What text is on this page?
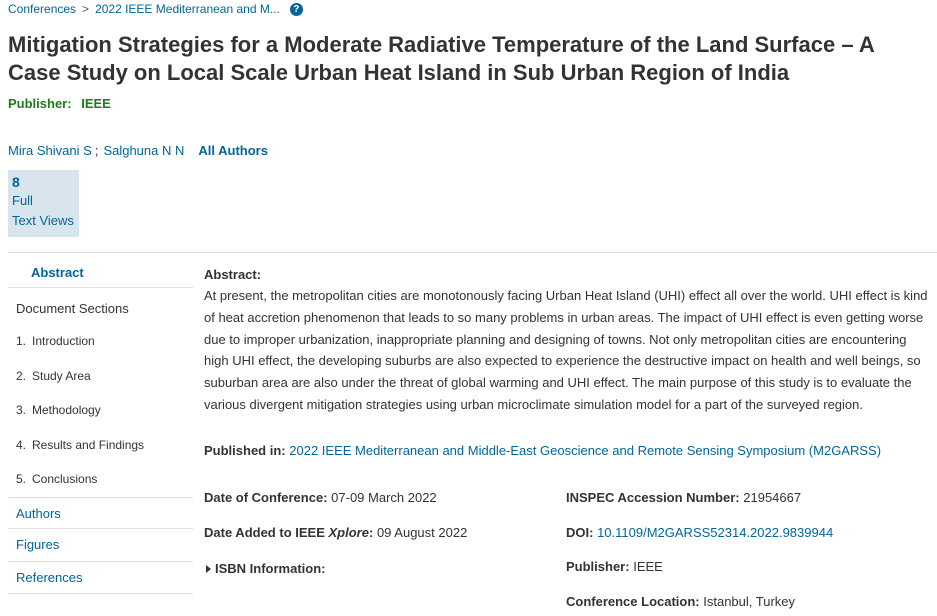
Conferences > 2022 IEEE Mediterranean and M...	?
Mitigation Strategies for a Moderate Radiative Temperature of the Land Surface – A Case Study on Local Scale Urban Heat Island in Sub Urban Region of India
Publisher: IEEE
Mira Shivani S ; Salghuna N N All Authors
8
Full
Text Views
Abstract
Document Sections
1. Introduction
2. Study Area
3. Methodology
4. Results and Findings
5. Conclusions
Authors
Figures
References
Abstract:

At present, the metropolitan cities are monotonously facing Urban Heat Island (UHI) effect all over the world. UHI effect is kind of heat accretion phenomenon that leads to so many problems in urban areas. The impact of UHI effect is even getting worse due to improper urbanization, inappropriate planning and designing of towns. Not only metropolitan cities are encountering high UHI effect, the developing suburbs are also expected to experience the destructive impact on health and well beings, so suburban area are also under the threat of global warming and UHI effect. The main purpose of this study is to evaluate the various divergent mitigation strategies using urban microclimate simulation model for a part of the surveyed region.

Published in: 2022 IEEE Mediterranean and Middle-East Geoscience and Remote Sensing Symposium (M2GARSS)
Date of Conference: 07-09 March 2022
Date Added to IEEE Xplore: 09 August 2022
ISBN Information:
INSPEC Accession Number: 21954667
DOI: 10.1109/M2GARSS52314.2022.9839944
Publisher: IEEE
Conference Location: Istanbul, Turkey
